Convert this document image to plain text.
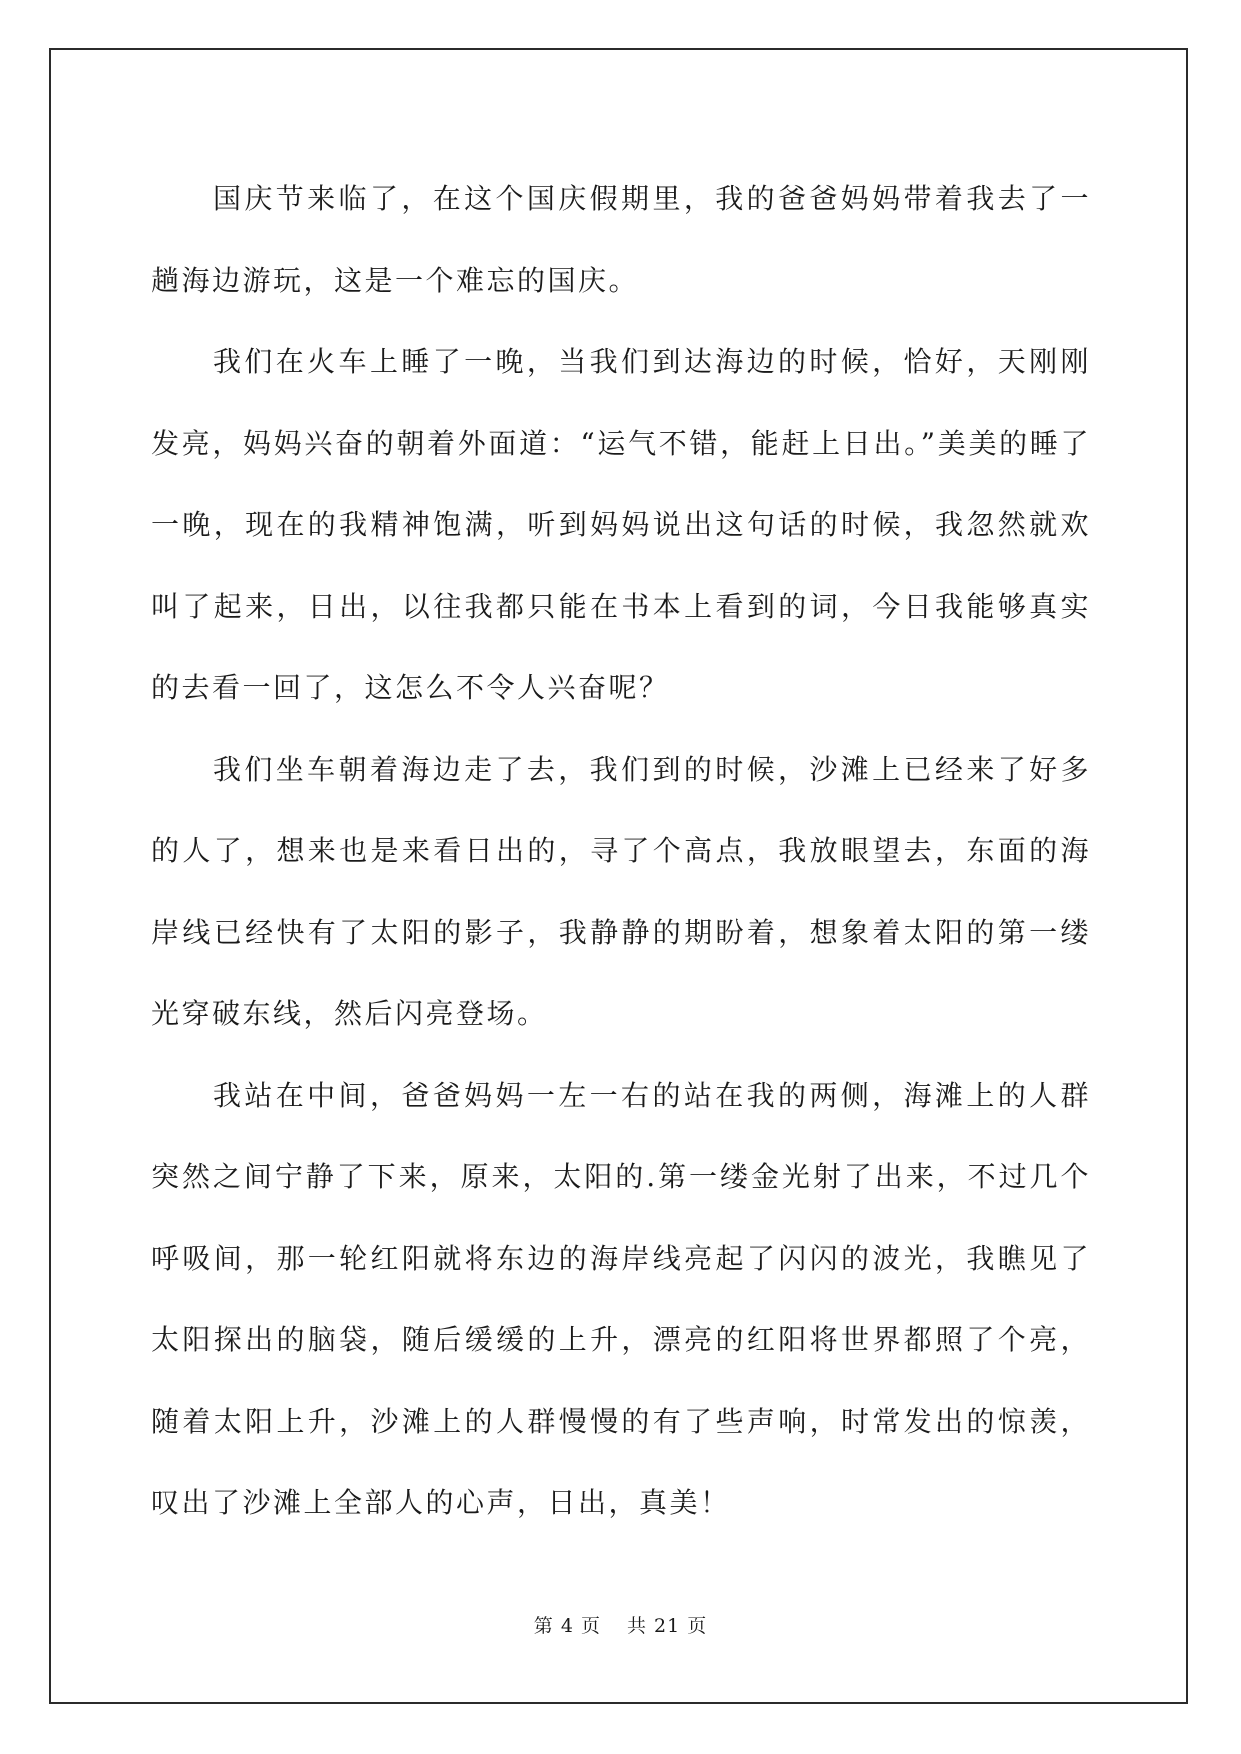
国庆节来临了，在这个国庆假期里，我的爸爸妈妈带着我去了一趟海边游玩，这是一个难忘的国庆。

我们在火车上睡了一晚，当我们到达海边的时候，恰好，天刚刚发亮，妈妈兴奋的朝着外面道：“运气不错，能赶上日出。”美美的睡了一晚，现在的我精神饱满，听到妈妈说出这句话的时候，我忽然就欢叫了起来，日出，以往我都只能在书本上看到的词，今日我能够真实的去看一回了，这怎么不令人兴奋呢？

我们坐车朝着海边走了去，我们到的时候，沙滩上已经来了好多的人了，想来也是来看日出的，寻了个高点，我放眼望去，东面的海岸线已经快有了太阳的影子，我静静的期盼着，想象着太阳的第一缕光穿破东线，然后闪亮登场。

我站在中间，爸爸妈妈一左一右的站在我的两侧，海滩上的人群突然之间宁静了下来，原来，太阳的.第一缕金光射了出来，不过几个呼吸间，那一轮红阳就将东边的海岸线亮起了闪闪的波光，我瞧见了太阳探出的脑袋，随后缓缓的上升，漂亮的红阳将世界都照了个亮，随着太阳上升，沙滩上的人群慢慢的有了些声响，时常发出的惊羡，叹出了沙滩上全部人的心声，日出，真美！

第 4 页 共 21 页
